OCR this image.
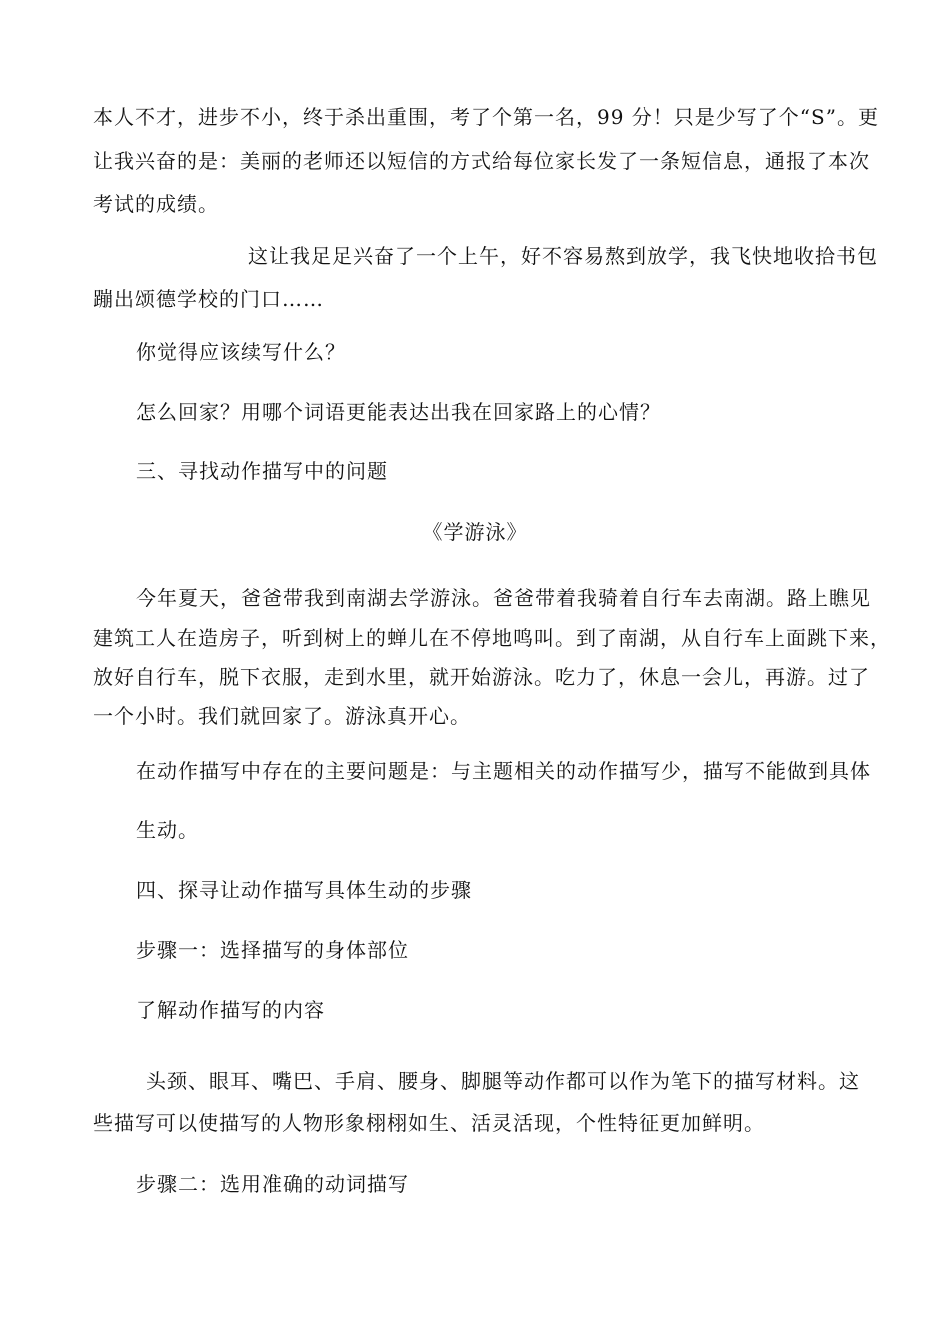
本人不才，进步不小，终于杀出重围，考了个第一名，99 分！只是少写了个“S”。更
让我兴奋的是：美丽的老师还以短信的方式给每位家长发了一条短信息，通报了本次
考试的成绩。
这让我足足兴奋了一个上午，好不容易熬到放学，我飞快地收拾书包
蹦出颂德学校的门口……
你觉得应该续写什么？
怎么回家？用哪个词语更能表达出我在回家路上的心情？
三、寻找动作描写中的问题
《学游泳》
今年夏天，爸爸带我到南湖去学游泳。爸爸带着我骑着自行车去南湖。路上瞧见
建筑工人在造房子，听到树上的蝉儿在不停地鸣叫。到了南湖，从自行车上面跳下来，
放好自行车，脱下衣服，走到水里，就开始游泳。吃力了，休息一会儿，再游。过了
一个小时。我们就回家了。游泳真开心。
在动作描写中存在的主要问题是：与主题相关的动作描写少，描写不能做到具体
生动。
四、探寻让动作描写具体生动的步骤
步骤一：选择描写的身体部位
了解动作描写的内容
头颈、眼耳、嘴巴、手肩、腰身、脚腿等动作都可以作为笔下的描写材料。这
些描写可以使描写的人物形象栩栩如生、活灵活现，个性特征更加鲜明。
步骤二：选用准确的动词描写
